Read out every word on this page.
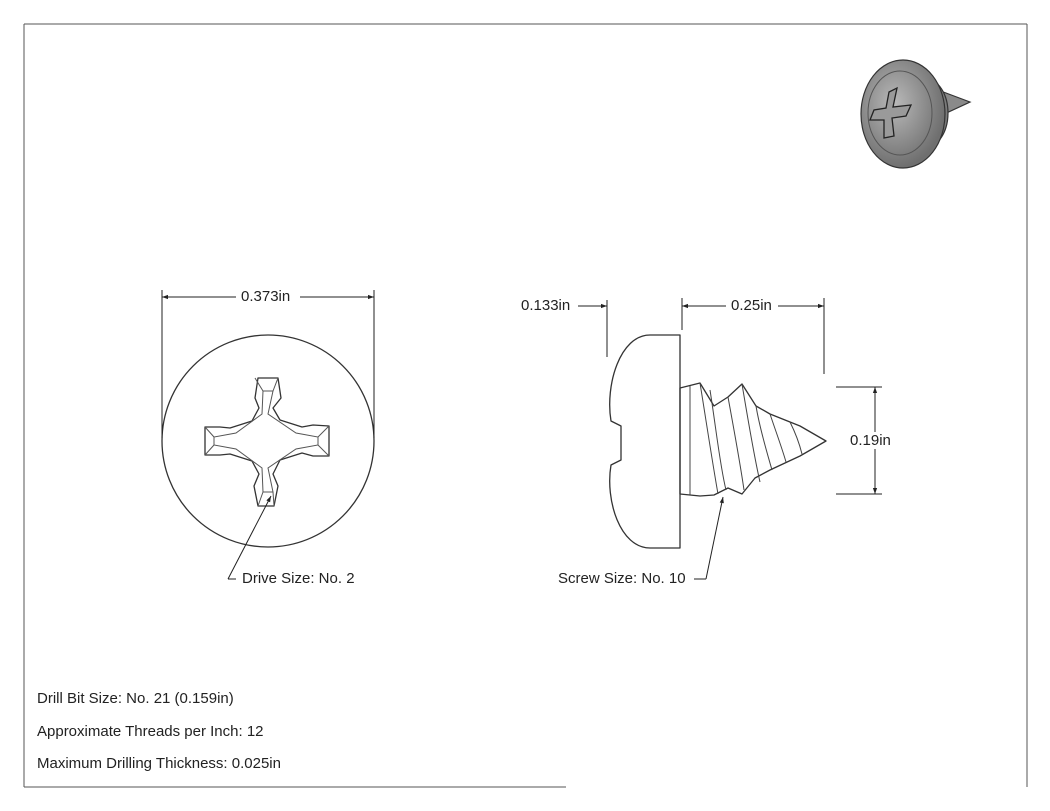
0.373in
Drive Size: No. 2
0.133in	0.25in
0.19in
Screw Size: No. 10
Drill Bit Size: No. 21 (0.159in)
Approximate Threads per Inch: 12
Maximum Drilling Thickness: 0.025in
